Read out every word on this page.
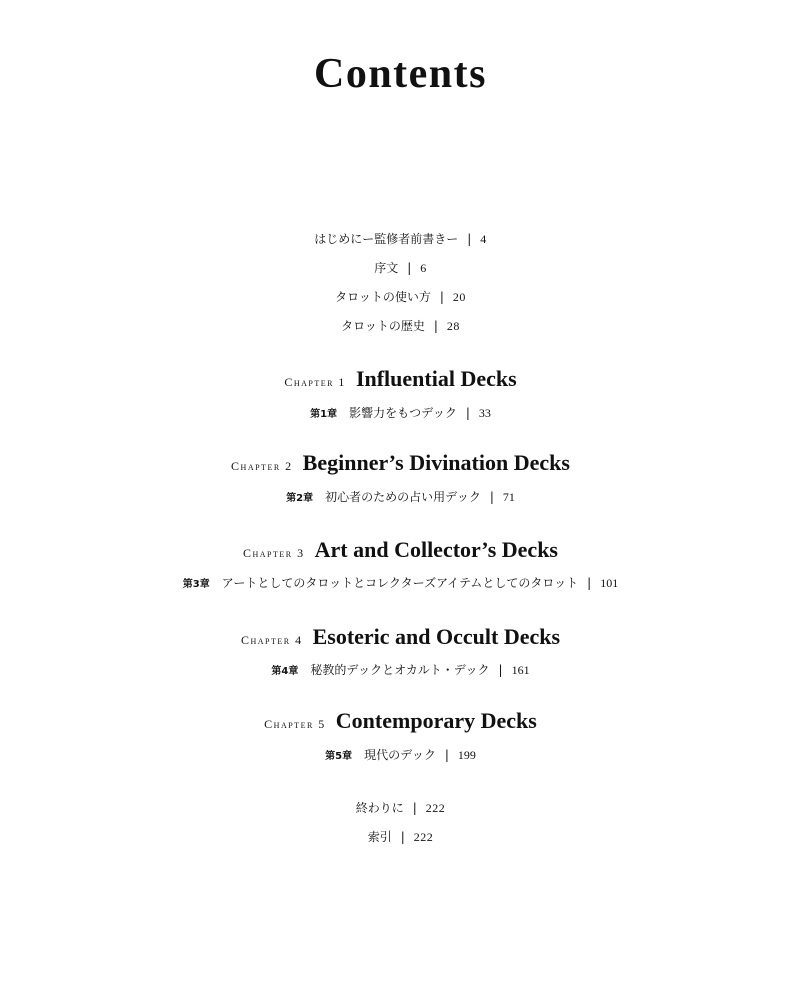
Contents
はじめにー監修者前書きー | 4
序文 | 6
タロットの使い方 | 20
タロットの歴史 | 28
Chapter 1 Influential Decks
第1章 影響力をもつデック | 33
Chapter 2 Beginner’s Divination Decks
第2章 初心者のための占い用デック | 71
Chapter 3 Art and Collector’s Decks
第3章 アートとしてのタロットとコレクターズアイテムとしてのタロット | 101
Chapter 4 Esoteric and Occult Decks
第4章 秘教的デックとオカルト・デック | 161
Chapter 5 Contemporary Decks
第5章 現代のデック | 199
終わりに | 222
索引 | 222
